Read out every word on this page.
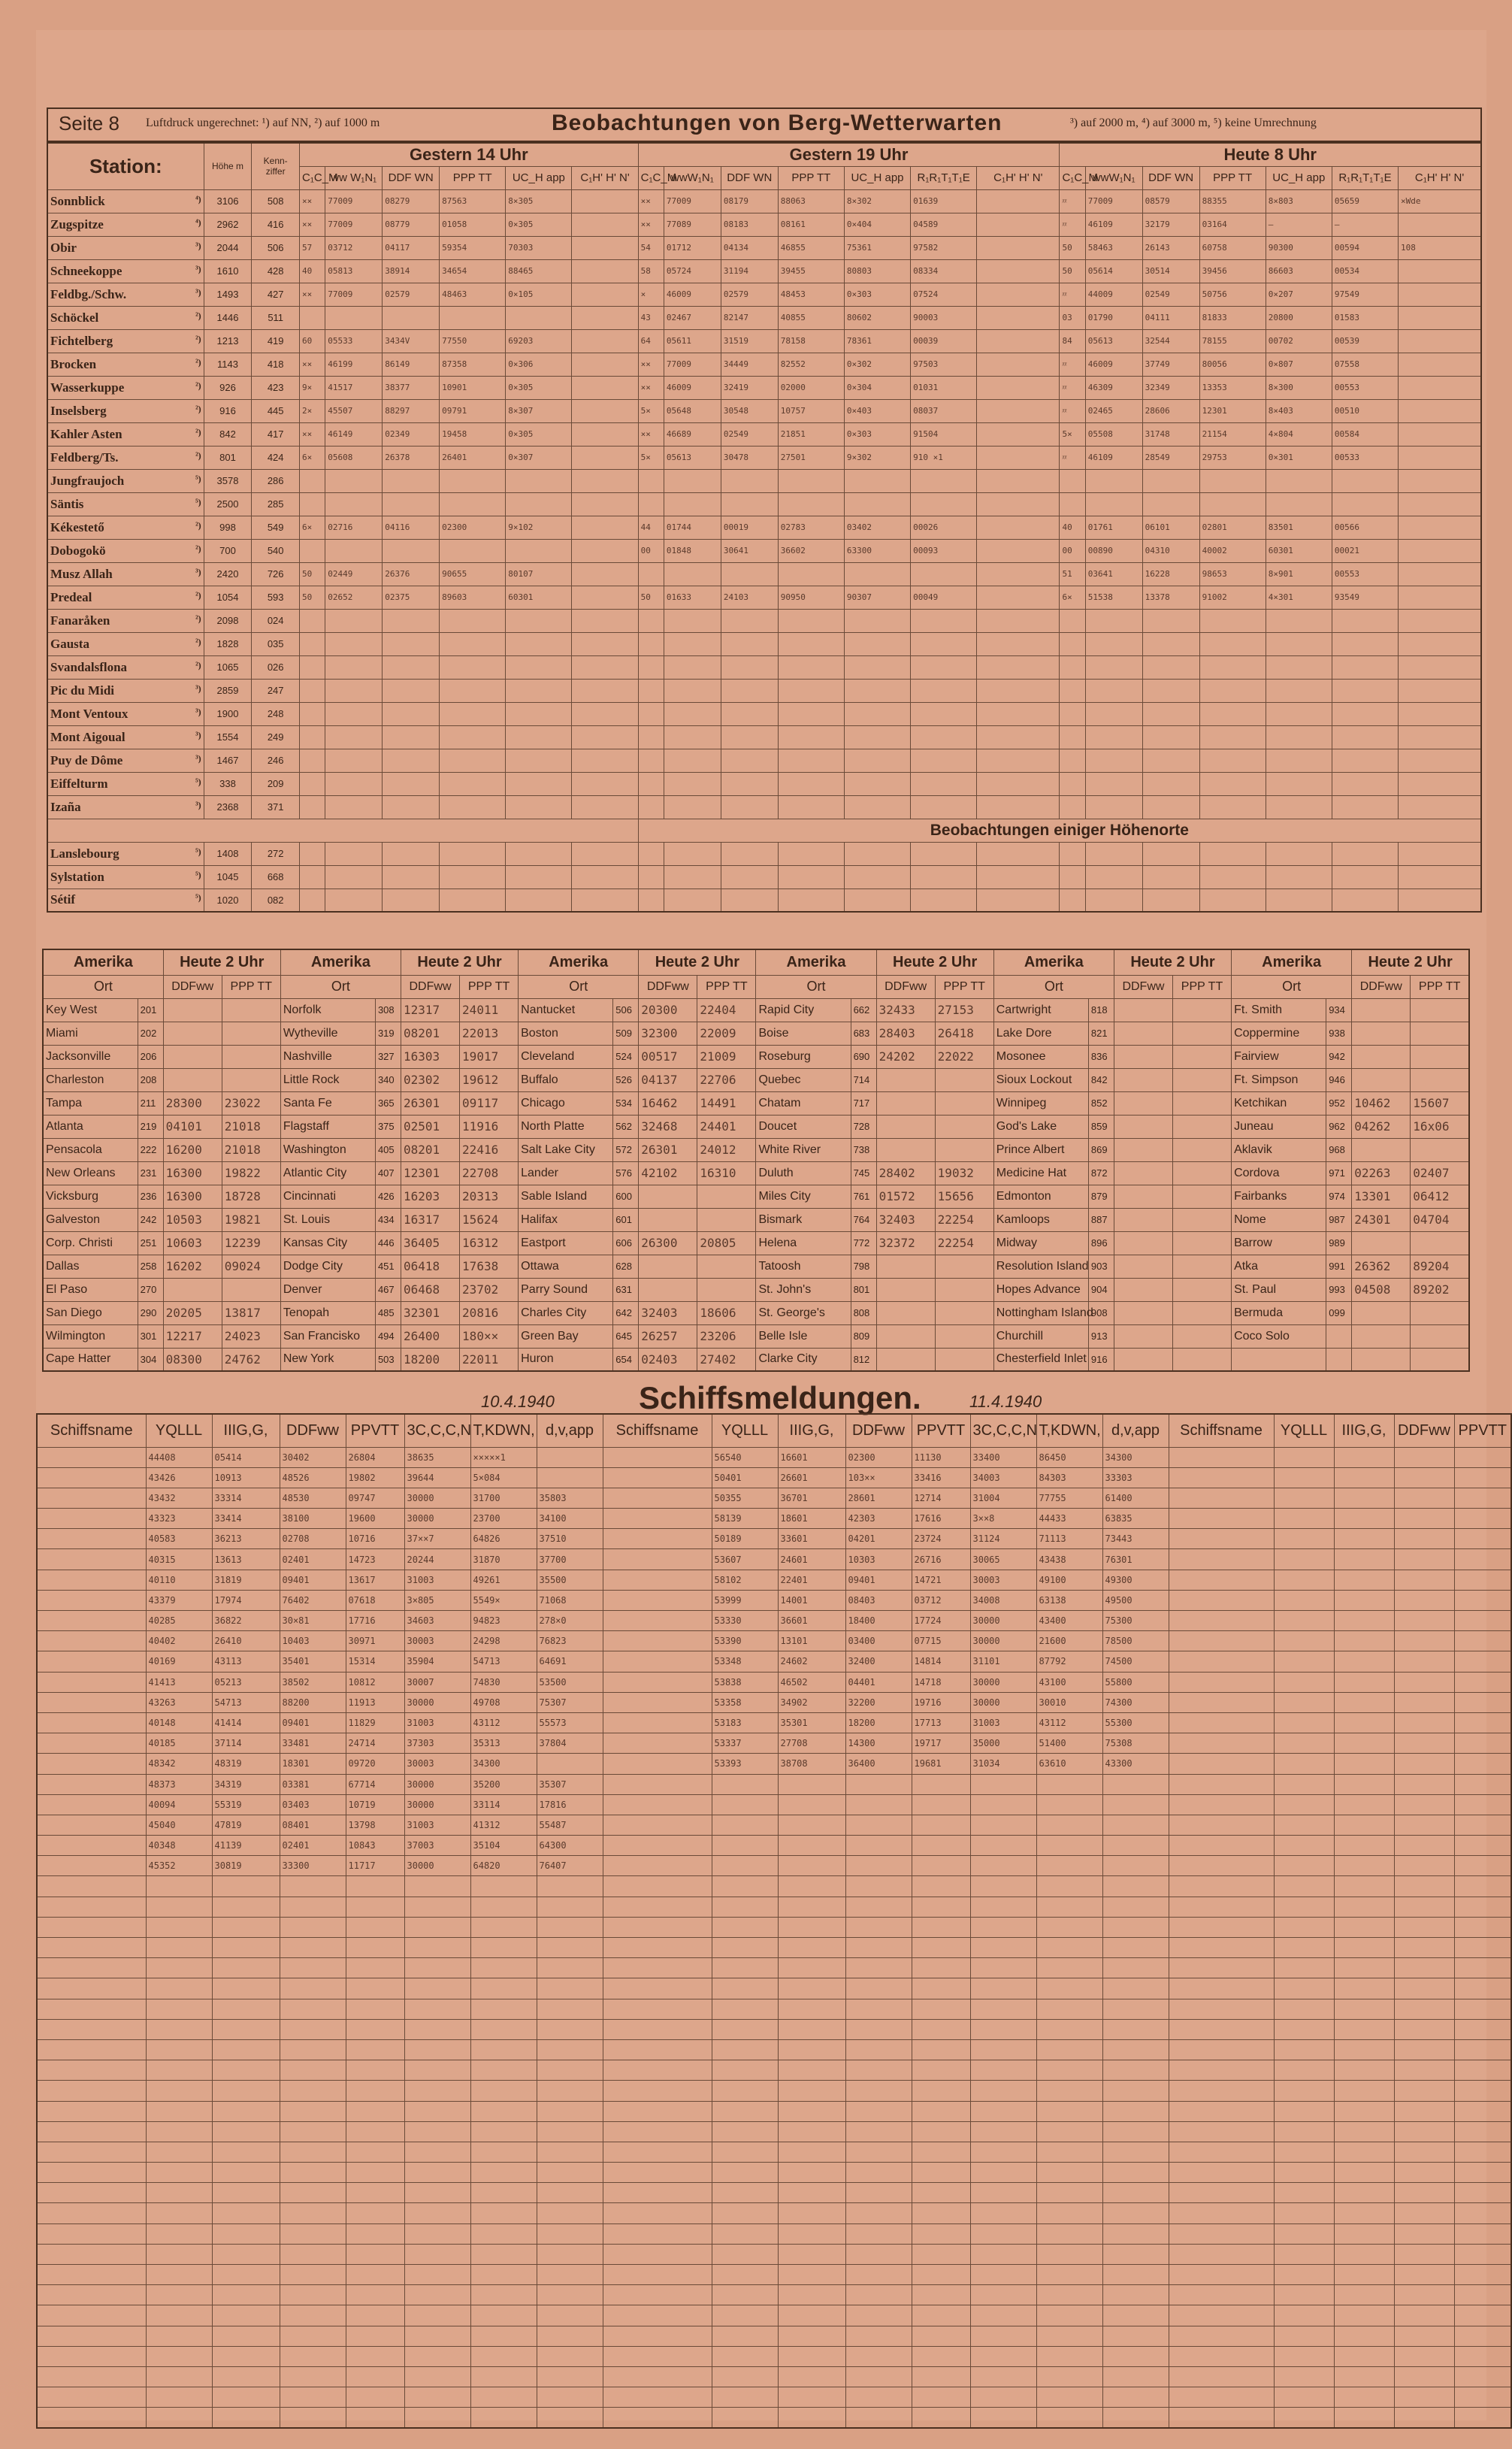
Seite 8 Luftdruck ungerechnet: ¹) auf NN, ²) auf 1000 m	Beobachtungen von Berg-Wetterwarten	³) auf 2000 m, ⁴) auf 3000 m, ⁵) keine Umrechnung
Station:	Höhe m	Kenn-ziffer	Gestern 14 Uhr						Gestern 19 Uhr							Heute 8 Uhr						
			C₁C_M	ww W₁N₁	DDF WN	PPP TT	UC_H app	C₁H' H' N'	C₁C_M	wwW₁N₁	DDF WN	PPP TT	UC_H app	R₁R₁T₁T₁E	C₁H' H' N'	C₁C_M	wwW₁N₁	DDF WN	PPP TT	UC_H app	R₁R₁T₁T₁E	C₁H' H' N'
Sonnblick ⁴)	3106	508	××	77009	08279	87563	8×305		××	77009	08179	88063	8×302	01639		ᵡᵡ	77009	08579	88355	8×803	05659	×Wde
Zugspitze ⁴)	2962	416	××	77009	08779	01058	0×305		××	77089	08183	08161	0×404	04589		ᵡᵡ	46109	32179	03164	—	—	
Obir ³)	2044	506	57	03712	04117	59354	70303		54	01712	04134	46855	75361	97582		50	58463	26143	60758	90300	00594	108
Schneekoppe ³)	1610	428	40	05813	38914	34654	88465		58	05724	31194	39455	80803	08334		50	05614	30514	39456	86603	00534	
Feldbg./Schw. ³)	1493	427	××	77009	02579	48463	0×105		×	46009	02579	48453	0×303	07524		ᵡᵡ	44009	02549	50756	0×207	97549	
Schöckel ²)	1446	511							43	02467	82147	40855	80602	90003		03	01790	04111	81833	20800	01583	
Fichtelberg ²)	1213	419	60	05533	3434V	77550	69203		64	05611	31519	78158	78361	00039		84	05613	32544	78155	00702	00539	
Brocken ²)	1143	418	××	46199	86149	87358	0×306		××	77009	34449	82552	0×302	97503		ᵡᵡ	46009	37749	80056	0×807	07558	
Wasserkuppe ²)	926	423	9×	41517	38377	10901	0×305		××	46009	32419	02000	0×304	01031		ᵡᵡ	46309	32349	13353	8×300	00553	
Inselsberg ²)	916	445	2×	45507	88297	09791	8×307		5×	05648	30548	10757	0×403	08037		ᵡᵡ	02465	28606	12301	8×403	00510	
Kahler Asten ²)	842	417	××	46149	02349	19458	0×305		××	46689	02549	21851	0×303	91504		5×	05508	31748	21154	4×804	00584	
Feldberg/Ts. ²)	801	424	6×	05608	26378	26401	0×307		5×	05613	30478	27501	9×302	910 ×1		ᵡᵡ	46109	28549	29753	0×301	00533	
Jungfraujoch ⁵)	3578	286																				
Säntis ⁵)	2500	285																				
Kékestető ²)	998	549	6×	02716	04116	02300	9×102		44	01744	00019	02783	03402	00026		40	01761	06101	02801	83501	00566	
Dobogokö ²)	700	540							00	01848	30641	36602	63300	00093		00	00890	04310	40002	60301	00021	
Musz Allah ³)	2420	726	50	02449	26376	90655	80107									51	03641	16228	98653	8×901	00553	
Predeal ²)	1054	593	50	02652	02375	89603	60301		50	01633	24103	90950	90307	00049		6×	51538	13378	91002	4×301	93549	
Fanaråken ²)	2098	024																				
Gausta ²)	1828	035																				
Svandalsflona ²)	1065	026																				
Pic du Midi ³)	2859	247																				
Mont Ventoux ³)	1900	248																				
Mont Aigoual ³)	1554	249																				
Puy de Dôme ³)	1467	246																				
Eiffelturm ⁵)	338	209																				
Izaña ³)	2368	371																				
									Beobachtungen einiger Höhenorte													
Lanslebourg ⁵)	1408	272																				
Sylstation ⁵)	1045	668																				
Sétif ⁵)	1020	082																				
Amerika		Heute 2 Uhr		Amerika		Heute 2 Uhr		Amerika		Heute 2 Uhr		Amerika		Heute 2 Uhr		Amerika		Heute 2 Uhr		Amerika		Heute 2 Uhr	
Ort		DDFww	PPP TT	Ort		DDFww	PPP TT	Ort		DDFww	PPP TT	Ort		DDFww	PPP TT	Ort		DDFww	PPP TT	Ort		DDFww	PPP TT
Key West	201			Norfolk	308	12317	24011	Nantucket	506	20300	22404	Rapid City	662	32433	27153	Cartwright	818			Ft. Smith	934		
Miami	202			Wytheville	319	08201	22013	Boston	509	32300	22009	Boise	683	28403	26418	Lake Dore	821			Coppermine	938		
Jacksonville	206			Nashville	327	16303	19017	Cleveland	524	00517	21009	Roseburg	690	24202	22022	Mosonee	836			Fairview	942		
Charleston	208			Little Rock	340	02302	19612	Buffalo	526	04137	22706	Quebec	714			Sioux Lockout	842			Ft. Simpson	946		
Tampa	211	28300	23022	Santa Fe	365	26301	09117	Chicago	534	16462	14491	Chatam	717			Winnipeg	852			Ketchikan	952	10462	15607
Atlanta	219	04101	21018	Flagstaff	375	02501	11916	North Platte	562	32468	24401	Doucet	728			God's Lake	859			Juneau	962	04262	16x06
Pensacola	222	16200	21018	Washington	405	08201	22416	Salt Lake City	572	26301	24012	White River	738			Prince Albert	869			Aklavik	968		
New Orleans	231	16300	19822	Atlantic City	407	12301	22708	Lander	576	42102	16310	Duluth	745	28402	19032	Medicine Hat	872			Cordova	971	02263	02407
Vicksburg	236	16300	18728	Cincinnati	426	16203	20313	Sable Island	600			Miles City	761	01572	15656	Edmonton	879			Fairbanks	974	13301	06412
Galveston	242	10503	19821	St. Louis	434	16317	15624	Halifax	601			Bismark	764	32403	22254	Kamloops	887			Nome	987	24301	04704
Corp. Christi	251	10603	12239	Kansas City	446	36405	16312	Eastport	606	26300	20805	Helena	772	32372	22254	Midway	896			Barrow	989		
Dallas	258	16202	09024	Dodge City	451	06418	17638	Ottawa	628			Tatoosh	798			Resolution Island	903			Atka	991	26362	89204
El Paso	270			Denver	467	06468	23702	Parry Sound	631			St. John's	801			Hopes Advance	904			St. Paul	993	04508	89202
San Diego	290	20205	13817	Tenopah	485	32301	20816	Charles City	642	32403	18606	St. George's	808			Nottingham Island	908			Bermuda	099		
Wilmington	301	12217	24023	San Francisko	494	26400	180××	Green Bay	645	26257	23206	Belle Isle	809			Churchill	913			Coco Solo			
Cape Hatter	304	08300	24762	New York	503	18200	22011	Huron	654	02403	27402	Clarke City	812			Chesterfield Inlet	916						
10.4.1940	Schiffsmeldungen.	11.4.1940
Schiffsname	YQLLL	IIIG,G,	DDFww	PPVTT	3C,C,C,N	T,KDWN,	d,v,app	Schiffsname	YQLLL	IIIG,G,	DDFww	PPVTT	3C,C,C,N	T,KDWN,	d,v,app	Schiffsname	YQLLL	IIIG,G,	DDFww	PPVTT
	44408	05414	30402	26804	38635	×××××1			56540	16601	02300	11130	33400	86450	34300					
	43426	10913	48526	19802	39644	5×084			50401	26601	103××	33416	34003	84303	33303					
	43432	33314	48530	09747	30000	31700	35803		50355	36701	28601	12714	31004	77755	61400					
	43323	33414	38100	19600	30000	23700	34100		58139	18601	42303	17616	3××8	44433	63835					
	40583	36213	02708	10716	37××7	64826	37510		50189	33601	04201	23724	31124	71113	73443					
	40315	13613	02401	14723	20244	31870	37700		53607	24601	10303	26716	30065	43438	76301					
	40110	31819	09401	13617	31003	49261	35500		58102	22401	09401	14721	30003	49100	49300					
	43379	17974	76402	07618	3×805	5549×	71068		53999	14001	08403	03712	34008	63138	49500					
	40285	36822	30×81	17716	34603	94823	278×0		53330	36601	18400	17724	30000	43400	75300					
	40402	26410	10403	30971	30003	24298	76823		53390	13101	03400	07715	30000	21600	78500					
	40169	43113	35401	15314	35904	54713	64691		53348	24602	32400	14814	31101	87792	74500					
	41413	05213	38502	10812	30007	74830	53500		53838	46502	04401	14718	30000	43100	55800					
	43263	54713	88200	11913	30000	49708	75307		53358	34902	32200	19716	30000	30010	74300					
	40148	41414	09401	11829	31003	43112	55573		53183	35301	18200	17713	31003	43112	55300					
	40185	37114	33481	24714	37303	35313	37804		53337	27708	14300	19717	35000	51400	75308					
	48342	48319	18301	09720	30003	34300			53393	38708	36400	19681	31034	63610	43300					
	48373	34319	03381	67714	30000	35200	35307													
	40094	55319	03403	10719	30000	33114	17816													
	45040	47819	08401	13798	31003	41312	55487													
	40348	41139	02401	10843	37003	35104	64300													
	45352	30819	33300	11717	30000	64820	76407													
